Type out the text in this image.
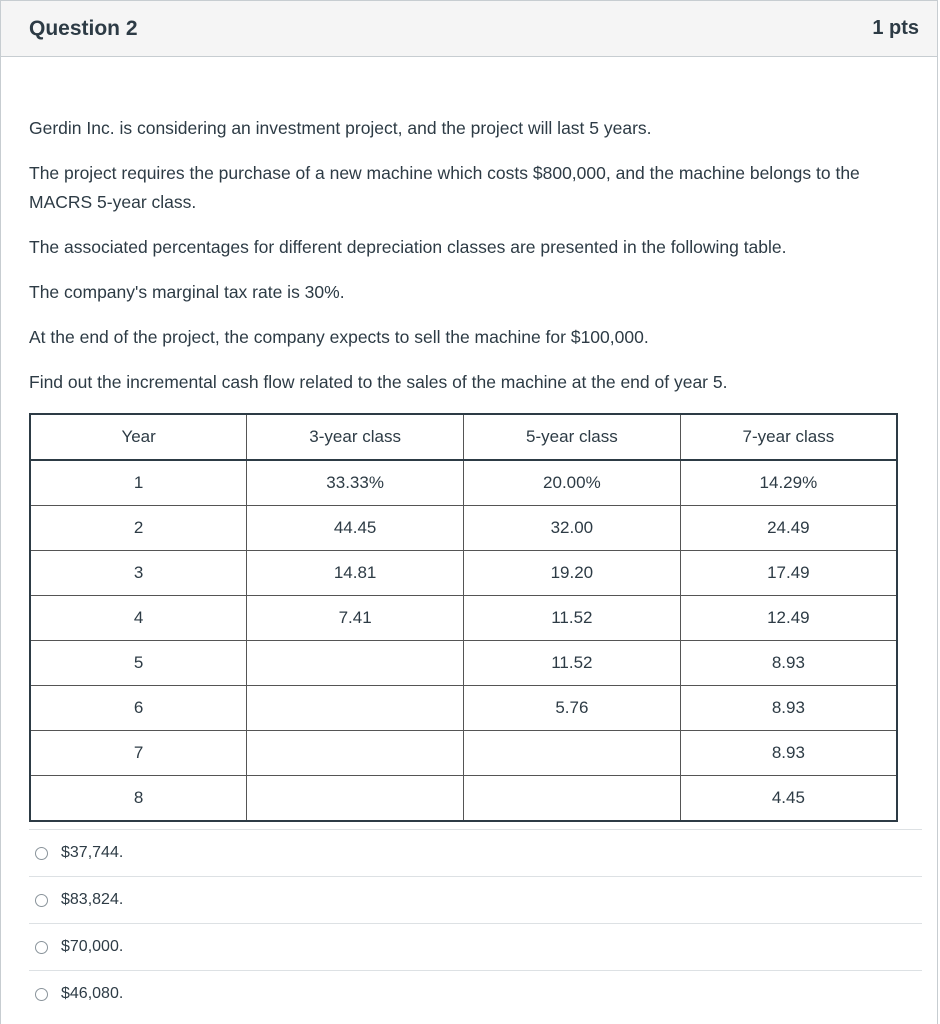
Question 2	1 pts

Gerdin Inc. is considering an investment project, and the project will last 5 years.

The project requires the purchase of a new machine which costs $800,000, and the machine belongs to the MACRS 5-year class.

The associated percentages for different depreciation classes are presented in the following table.

The company's marginal tax rate is 30%.

At the end of the project, the company expects to sell the machine for $100,000.

Find out the incremental cash flow related to the sales of the machine at the end of year 5.

Year	3-year class	5-year class	7-year class
1	33.33%	20.00%	14.29%
2	44.45	32.00	24.49
3	14.81	19.20	17.49
4	7.41	11.52	12.49
5		11.52	8.93
6		5.76	8.93
7			8.93
8			4.45
$37,744.
$83,824.
$70,000.
$46,080.
